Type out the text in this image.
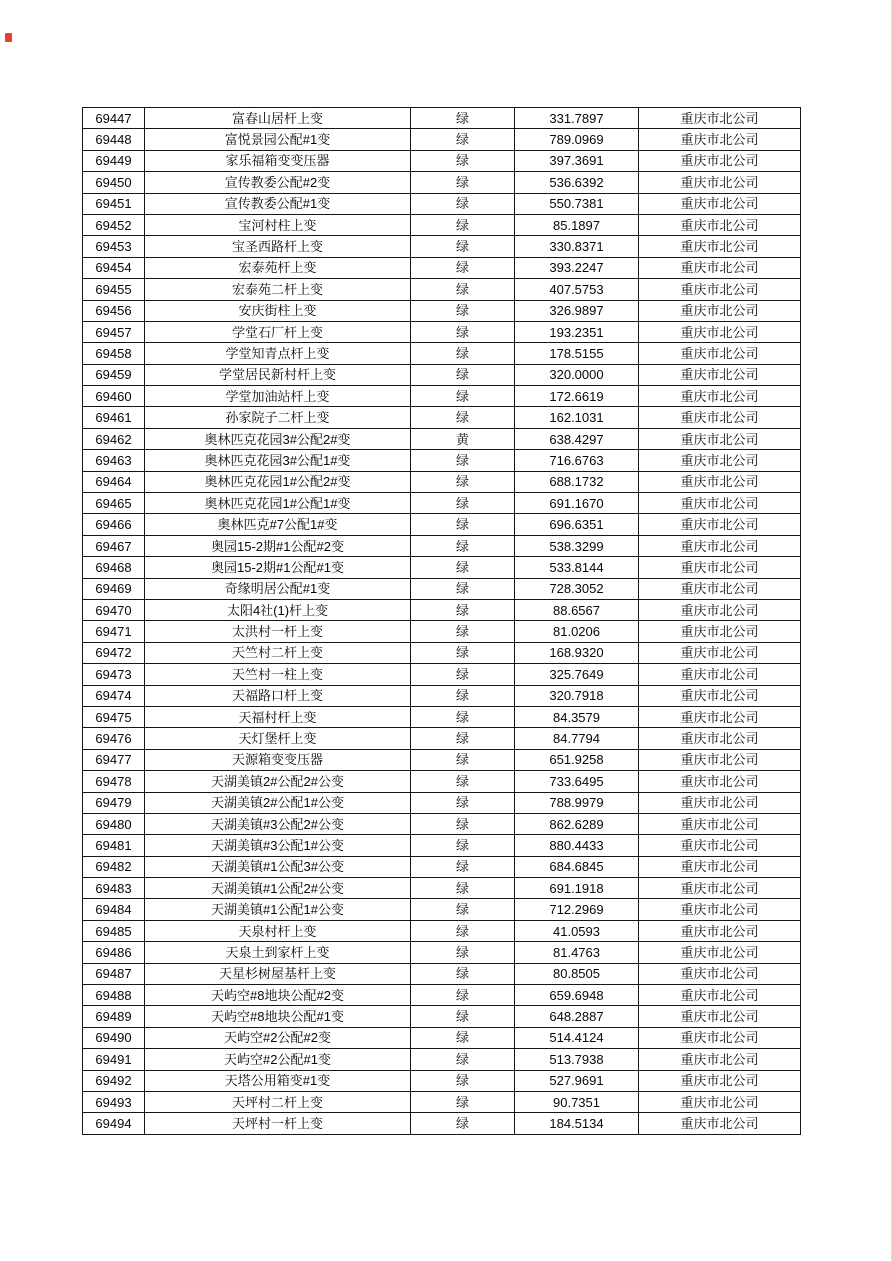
69447	富春山居杆上变	绿	331.7897	重庆市北公司
69448	富悦景园公配#1变	绿	789.0969	重庆市北公司
69449	家乐福箱变变压器	绿	397.3691	重庆市北公司
69450	宣传教委公配#2变	绿	536.6392	重庆市北公司
69451	宣传教委公配#1变	绿	550.7381	重庆市北公司
69452	宝河村柱上变	绿	85.1897	重庆市北公司
69453	宝圣西路杆上变	绿	330.8371	重庆市北公司
69454	宏泰苑杆上变	绿	393.2247	重庆市北公司
69455	宏泰苑二杆上变	绿	407.5753	重庆市北公司
69456	安庆街柱上变	绿	326.9897	重庆市北公司
69457	学堂石厂杆上变	绿	193.2351	重庆市北公司
69458	学堂知青点杆上变	绿	178.5155	重庆市北公司
69459	学堂居民新村杆上变	绿	320.0000	重庆市北公司
69460	学堂加油站杆上变	绿	172.6619	重庆市北公司
69461	孙家院子二杆上变	绿	162.1031	重庆市北公司
69462	奥林匹克花园3#公配2#变	黄	638.4297	重庆市北公司
69463	奥林匹克花园3#公配1#变	绿	716.6763	重庆市北公司
69464	奥林匹克花园1#公配2#变	绿	688.1732	重庆市北公司
69465	奥林匹克花园1#公配1#变	绿	691.1670	重庆市北公司
69466	奥林匹克#7公配1#变	绿	696.6351	重庆市北公司
69467	奥园15-2期#1公配#2变	绿	538.3299	重庆市北公司
69468	奥园15-2期#1公配#1变	绿	533.8144	重庆市北公司
69469	奇缘明居公配#1变	绿	728.3052	重庆市北公司
69470	太阳4社(1)杆上变	绿	88.6567	重庆市北公司
69471	太洪村一杆上变	绿	81.0206	重庆市北公司
69472	天竺村二杆上变	绿	168.9320	重庆市北公司
69473	天竺村一柱上变	绿	325.7649	重庆市北公司
69474	天福路口杆上变	绿	320.7918	重庆市北公司
69475	天福村杆上变	绿	84.3579	重庆市北公司
69476	天灯堡杆上变	绿	84.7794	重庆市北公司
69477	天源箱变变压器	绿	651.9258	重庆市北公司
69478	天湖美镇2#公配2#公变	绿	733.6495	重庆市北公司
69479	天湖美镇2#公配1#公变	绿	788.9979	重庆市北公司
69480	天湖美镇#3公配2#公变	绿	862.6289	重庆市北公司
69481	天湖美镇#3公配1#公变	绿	880.4433	重庆市北公司
69482	天湖美镇#1公配3#公变	绿	684.6845	重庆市北公司
69483	天湖美镇#1公配2#公变	绿	691.1918	重庆市北公司
69484	天湖美镇#1公配1#公变	绿	712.2969	重庆市北公司
69485	天泉村杆上变	绿	41.0593	重庆市北公司
69486	天泉土到家杆上变	绿	81.4763	重庆市北公司
69487	天星杉树屋基杆上变	绿	80.8505	重庆市北公司
69488	天屿空#8地块公配#2变	绿	659.6948	重庆市北公司
69489	天屿空#8地块公配#1变	绿	648.2887	重庆市北公司
69490	天屿空#2公配#2变	绿	514.4124	重庆市北公司
69491	天屿空#2公配#1变	绿	513.7938	重庆市北公司
69492	天塔公用箱变#1变	绿	527.9691	重庆市北公司
69493	天坪村二杆上变	绿	90.7351	重庆市北公司
69494	天坪村一杆上变	绿	184.5134	重庆市北公司
